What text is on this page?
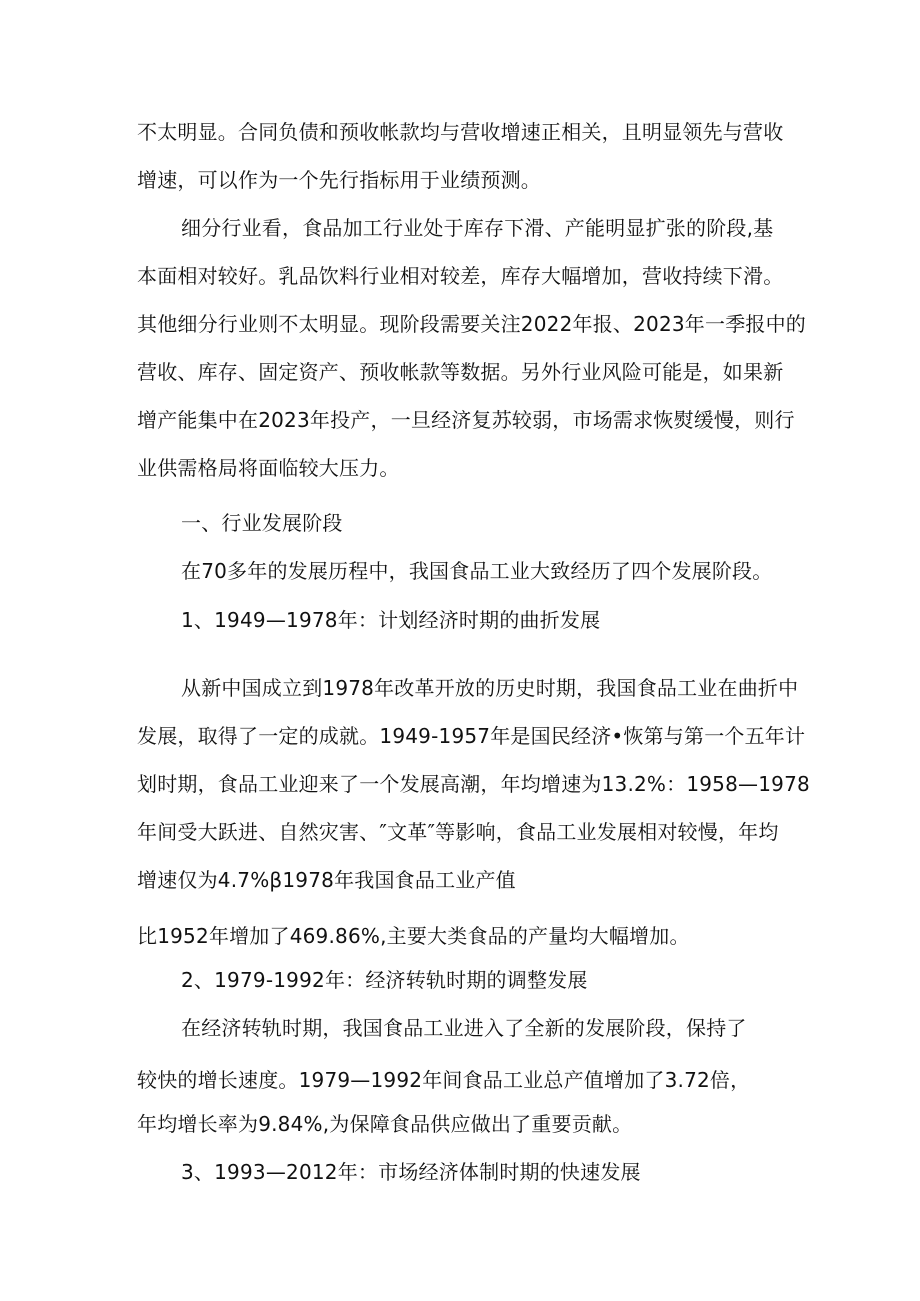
不太明显。合同负债和预收帐款均与营收增速正相关，且明显领先与营收
增速，可以作为一个先行指标用于业绩预测。
细分行业看，食品加工行业处于库存下滑、产能明显扩张的阶段,基
本面相对较好。乳品饮料行业相对较差，库存大幅增加，营收持续下滑。
其他细分行业则不太明显。现阶段需要关注2022年报、2023年一季报中的
营收、库存、固定资产、预收帐款等数据。另外行业风险可能是，如果新
增产能集中在2023年投产，一旦经济复苏较弱，市场需求恢熨缓慢，则行
业供需格局将面临较大压力。
一、行业发展阶段
在70多年的发展历程中，我国食品工业大致经历了四个发展阶段。
1、1949—1978年：计划经济时期的曲折发展
从新中国成立到1978年改革开放的历史时期，我国食品工业在曲折中
发展，取得了一定的成就。1949-1957年是国民经济•恢第与第一个五年计
划时期，食品工业迎来了一个发展高潮，年均增速为13.2%：1958—1978
年间受大跃进、自然灾害、″文革″等影响，食品工业发展相对较慢，年均
增速仅为4.7%β1978年我国食品工业产值
比1952年增加了469.86%,主要大类食品的产量均大幅增加。
2、1979-1992年：经济转轨时期的调整发展
在经济转轨时期，我国食品工业进入了全新的发展阶段，保持了
较快的增长速度。1979—1992年间食品工业总产值增加了3.72倍，
年均增长率为9.84%,为保障食品供应做出了重要贡献。
3、1993—2012年：市场经济体制时期的快速发展
